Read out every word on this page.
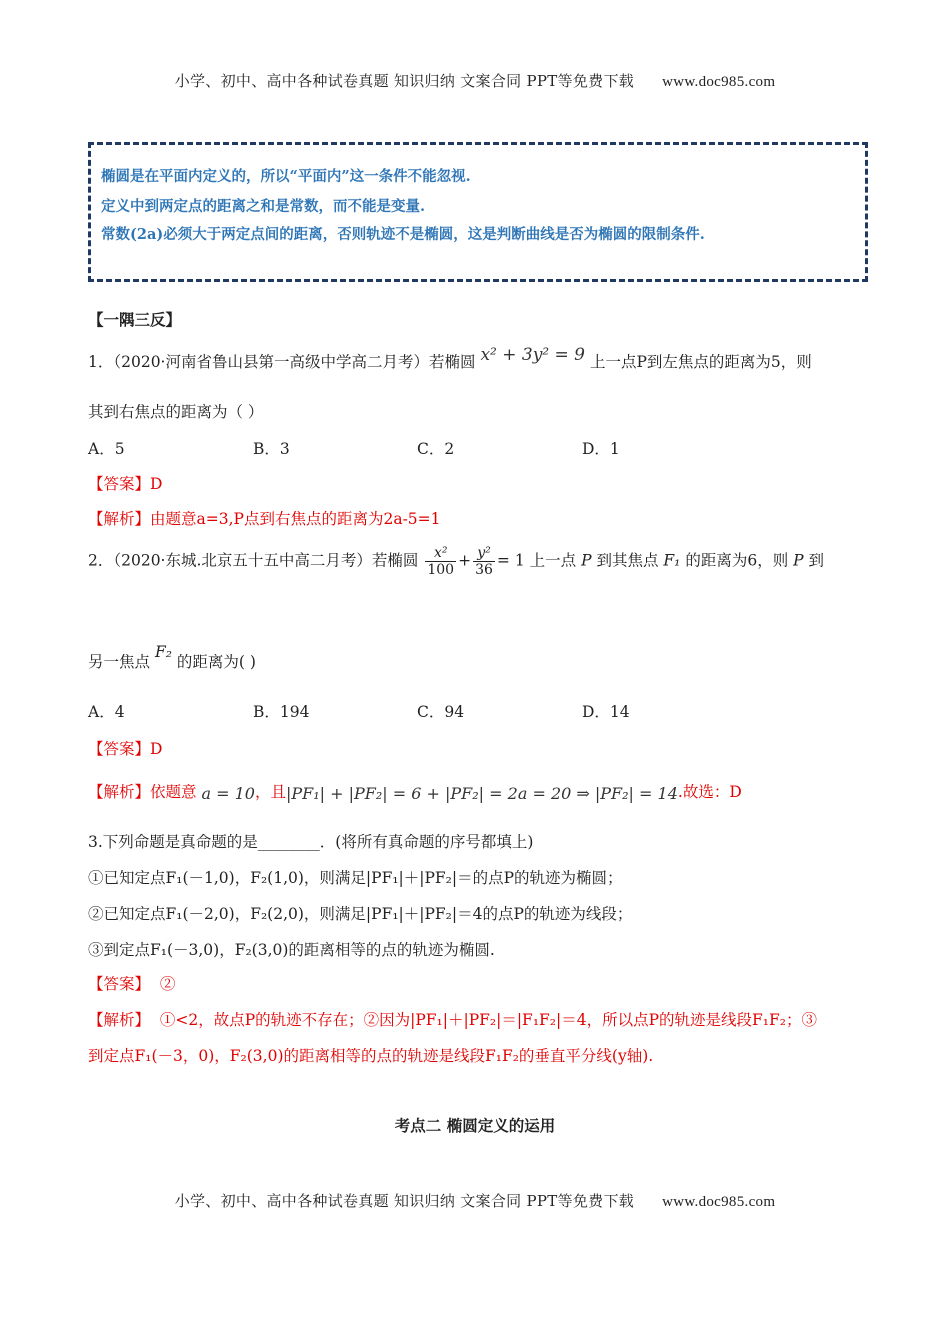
小学、初中、高中各种试卷真题 知识归纳 文案合同 PPT等免费下载 www.doc985.com

椭圆是在平面内定义的，所以“平面内”这一条件不能忽视.

定义中到两定点的距离之和是常数，而不能是变量.

常数(2a)必须大于两定点间的距离，否则轨迹不是椭圆，这是判断曲线是否为椭圆的限制条件.

【一隅三反】
1．（2020·河南省鲁山县第一高级中学高二月考）若椭圆 x² + 3y² = 9 上一点P到左焦点的距离为5，则
其到右焦点的距离为（ ）
A．5	B．3	C．2	D．1
【答案】D
【解析】由题意a=3,P点到右焦点的距离为2a-5=1
2．（2020·东城.北京五十五中高二月考）若椭圆 $\frac{\text{x²}}{100} + \frac{\text{y²}}{36} = 1$ 上一点 P 到其焦点 F₁ 的距离为6，则 P 到
另一焦点 F₂ 的距离为( )
A．4	B．194	C．94	D．14
【答案】D
【解析】依题意 a = 10，且|PF₁| + |PF₂| = 6 + |PF₂| = 2a = 20 ⇒ |PF₂| = 14.故选：D
3.下列命题是真命题的是________．(将所有真命题的序号都填上)
①已知定点F₁(－1,0)，F₂(1,0)，则满足|PF₁|＋|PF₂|＝的点P的轨迹为椭圆；
②已知定点F₁(－2,0)，F₂(2,0)，则满足|PF₁|＋|PF₂|＝4的点P的轨迹为线段；
③到定点F₁(－3,0)，F₂(3,0)的距离相等的点的轨迹为椭圆.
【答案】 ②
【解析】 ①<2，故点P的轨迹不存在；②因为|PF₁|＋|PF₂|＝|F₁F₂|＝4，所以点P的轨迹是线段F₁F₂；③
到定点F₁(－3，0)，F₂(3,0)的距离相等的点的轨迹是线段F₁F₂的垂直平分线(y轴).
考点二 椭圆定义的运用
小学、初中、高中各种试卷真题 知识归纳 文案合同 PPT等免费下载 www.doc985.com
